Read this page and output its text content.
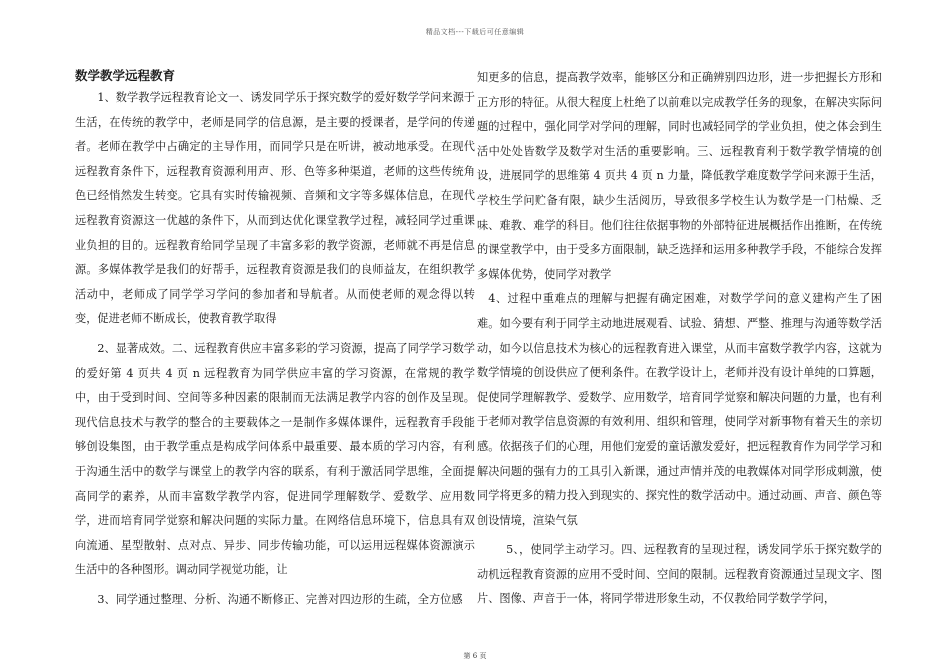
精品文档---下载后可任意编辑

数学教学远程教育

1、数学教学远程教育论文一、诱发同学乐于探究数学的爱好数学学问来源于生活，在传统的教学中，老师是同学的信息源，是主要的授课者，是学问的传递者。老师在教学中占确定的主导作用，而同学只是在听讲，被动地承受。在现代远程教育条件下，远程教育资源利用声、形、色等多种渠道，老师的这些传统角色已经悄然发生转变。它具有实时传输视频、音频和文字等多媒体信息，在现代远程教育资源这一优越的条件下，从而到达优化课堂教学过程，减轻同学过重课业负担的目的。远程教育给同学呈现了丰富多彩的教学资源，老师就不再是信息源。多媒体教学是我们的好帮手，远程教育资源是我们的良师益友，在组织教学活动中，老师成了同学学习学问的参加者和导航者。从而使老师的观念得以转变，促进老师不断成长，使教育教学取得

2、显著成效。二、远程教育供应丰富多彩的学习资源，提高了同学学习数学的爱好第 4 页共 4 页 n 远程教育为同学供应丰富的学习资源，在常规的教学中，由于受到时间、空间等多种因素的限制而无法满足教学内容的创作及呈现。现代信息技术与教学的整合的主要载体之一是制作多媒体课件，远程教育手段能够创设集图，由于教学重点是构成学问体系中最重要、最本质的学习内容，有利于沟通生活中的数学与课堂上的教学内容的联系，有利于激活同学思维，全面提高同学的素养，从而丰富数学教学内容，促进同学理解数学、爱数学、应用数学，进而培育同学觉察和解决问题的实际力量。在网络信息环境下，信息具有双向流通、星型散射、点对点、异步、同步传输功能，可以运用远程媒体资源演示生活中的各种图形。调动同学视觉功能，让

3、同学通过整理、分析、沟通不断修正、完善对四边形的生疏，全方位感

知更多的信息，提高教学效率，能够区分和正确辨别四边形，进一步把握长方形和正方形的特征。从很大程度上杜绝了以前难以完成教学任务的现象，在解决实际问题的过程中，强化同学对学问的理解，同时也减轻同学的学业负担，使之体会到生活中处处皆数学及数学对生活的重要影响。三、远程教育利于数学教学情境的创设，进展同学的思维第 4 页共 4 页 n 力量，降低教学难度数学学问来源于生活，学校生学问贮备有限，缺少生活阅历，导致很多学校生认为数学是一门枯燥、乏味、难教、难学的科目。他们往往依据事物的外部特征进展概括作出推断，在传统的课堂教学中，由于受多方面限制，缺乏选择和运用多种教学手段，不能综合发挥多媒体优势，使同学对教学

4、过程中重难点的理解与把握有确定困难，对数学学问的意义建构产生了困难。如今要有利于同学主动地进展观看、试验、猜想、严整、推理与沟通等数学活动，如今以信息技术为核心的远程教育进入课堂，从而丰富数学教学内容，这就为数学情境的创设供应了便利条件。在教学设计上，老师并没有设计单纯的口算题，促使同学理解教学、爱数学、应用数学，培育同学觉察和解决问题的力量，也有利于老师对教学信息资源的有效利用、组织和管理，使同学对新事物有着天生的亲切感。依据孩子们的心理，用他们宠爱的童话激发爱好，把远程教育作为同学学习和解决问题的强有力的工具引入新课，通过声情并茂的电教媒体对同学形成刺激，使同学将更多的精力投入到现实的、探究性的数学活动中。通过动画、声音、颜色等创设情境，渲染气氛

5、，使同学主动学习。四、远程教育的呈现过程，诱发同学乐于探究数学的动机远程教育资源的应用不受时间、空间的限制。远程教育资源通过呈现文字、图片、图像、声音于一体，将同学带进形象生动，不仅教给同学数学学问，

第 6 页
